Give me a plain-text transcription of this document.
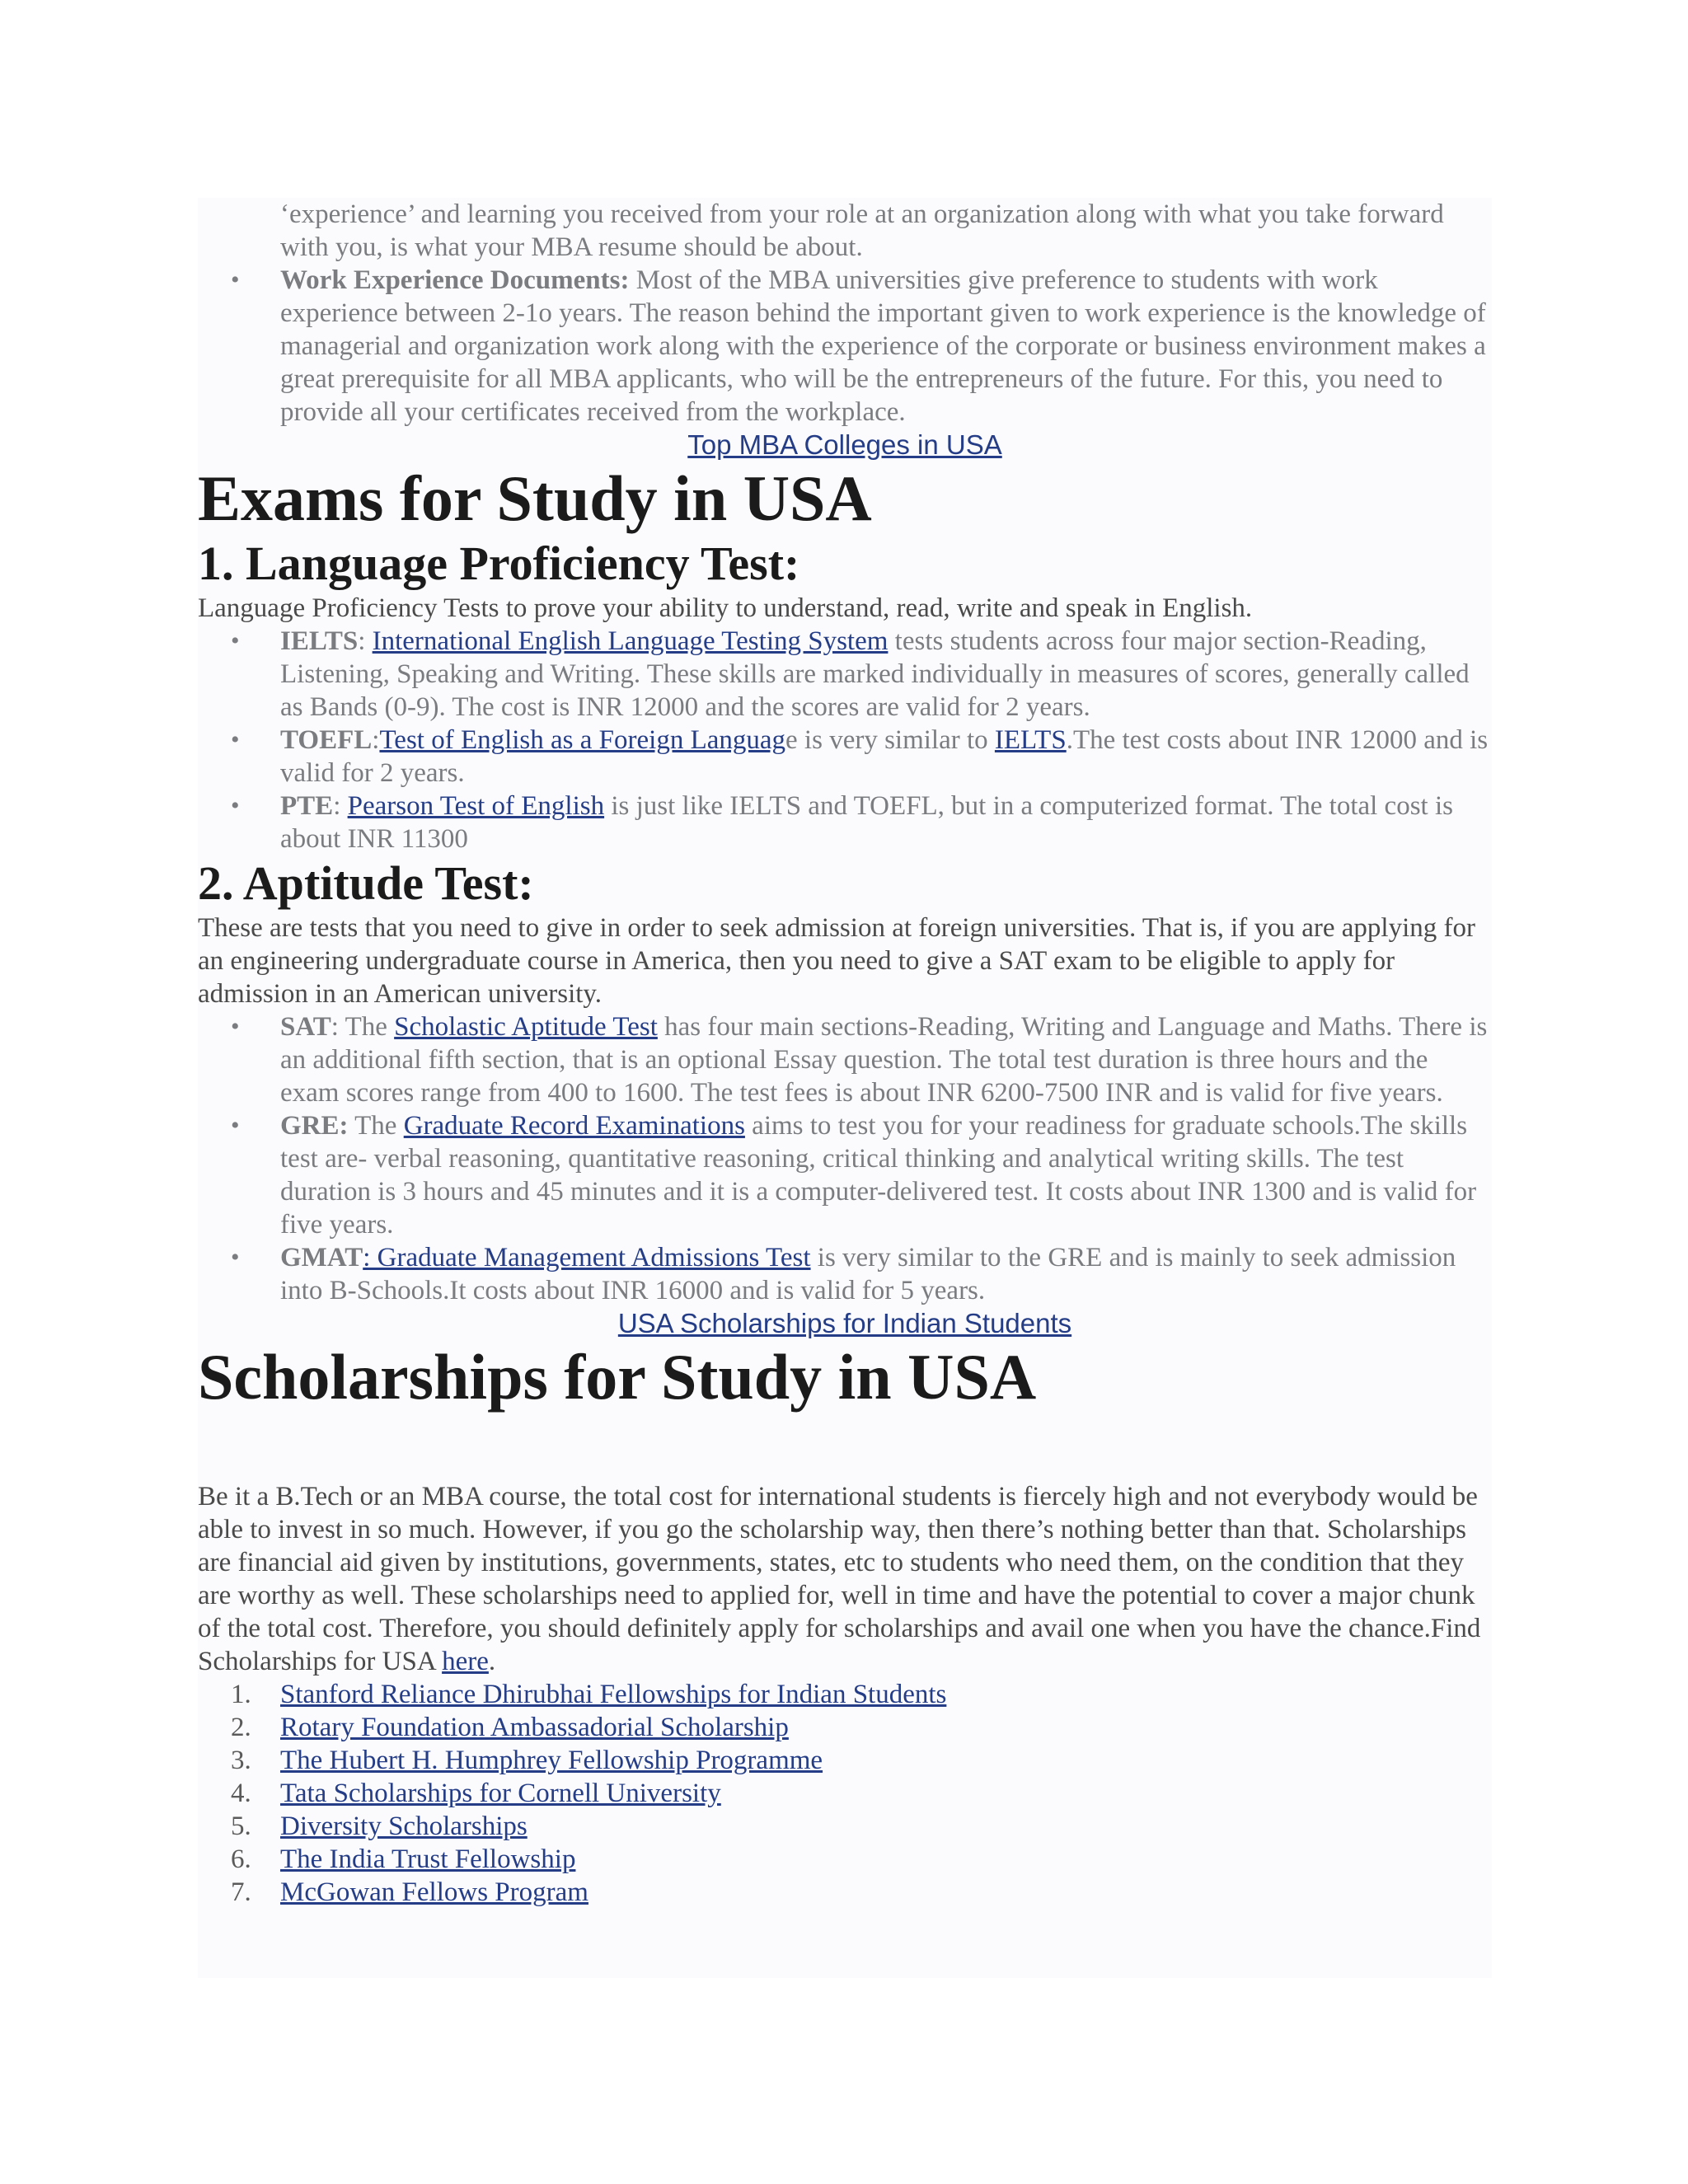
‘experience’ and learning you received from your role at an organization along with what you take forward with you, is what your MBA resume should be about.
• Work Experience Documents: Most of the MBA universities give preference to students with work experience between 2-1o years. The reason behind the important given to work experience is the knowledge of managerial and organization work along with the experience of the corporate or business environment makes a great prerequisite for all MBA applicants, who will be the entrepreneurs of the future. For this, you need to provide all your certificates received from the workplace.
Top MBA Colleges in USA
Exams for Study in USA
1. Language Proficiency Test:
Language Proficiency Tests to prove your ability to understand, read, write and speak in English.
• IELTS: International English Language Testing System tests students across four major section-Reading, Listening, Speaking and Writing. These skills are marked individually in measures of scores, generally called as Bands (0-9). The cost is INR 12000 and the scores are valid for 2 years.
• TOEFL:Test of English as a Foreign Language is very similar to IELTS.The test costs about INR 12000 and is valid for 2 years.
• PTE: Pearson Test of English is just like IELTS and TOEFL, but in a computerized format. The total cost is about INR 11300
2. Aptitude Test:
These are tests that you need to give in order to seek admission at foreign universities. That is, if you are applying for an engineering undergraduate course in America, then you need to give a SAT exam to be eligible to apply for admission in an American university.
• SAT: The Scholastic Aptitude Test has four main sections-Reading, Writing and Language and Maths. There is an additional fifth section, that is an optional Essay question. The total test duration is three hours and the exam scores range from 400 to 1600. The test fees is about INR 6200-7500 INR and is valid for five years.
• GRE: The Graduate Record Examinations aims to test you for your readiness for graduate schools.The skills test are- verbal reasoning, quantitative reasoning, critical thinking and analytical writing skills. The test duration is 3 hours and 45 minutes and it is a computer-delivered test. It costs about INR 1300 and is valid for five years.
• GMAT: Graduate Management Admissions Test is very similar to the GRE and is mainly to seek admission into B-Schools.It costs about INR 16000 and is valid for 5 years.
USA Scholarships for Indian Students
Scholarships for Study in USA
Be it a B.Tech or an MBA course, the total cost for international students is fiercely high and not everybody would be able to invest in so much. However, if you go the scholarship way, then there’s nothing better than that. Scholarships are financial aid given by institutions, governments, states, etc to students who need them, on the condition that they are worthy as well. These scholarships need to applied for, well in time and have the potential to cover a major chunk of the total cost. Therefore, you should definitely apply for scholarships and avail one when you have the chance.Find Scholarships for USA here.
1. Stanford Reliance Dhirubhai Fellowships for Indian Students
2. Rotary Foundation Ambassadorial Scholarship
3. The Hubert H. Humphrey Fellowship Programme
4. Tata Scholarships for Cornell University
5. Diversity Scholarships
6. The India Trust Fellowship
7. McGowan Fellows Program
